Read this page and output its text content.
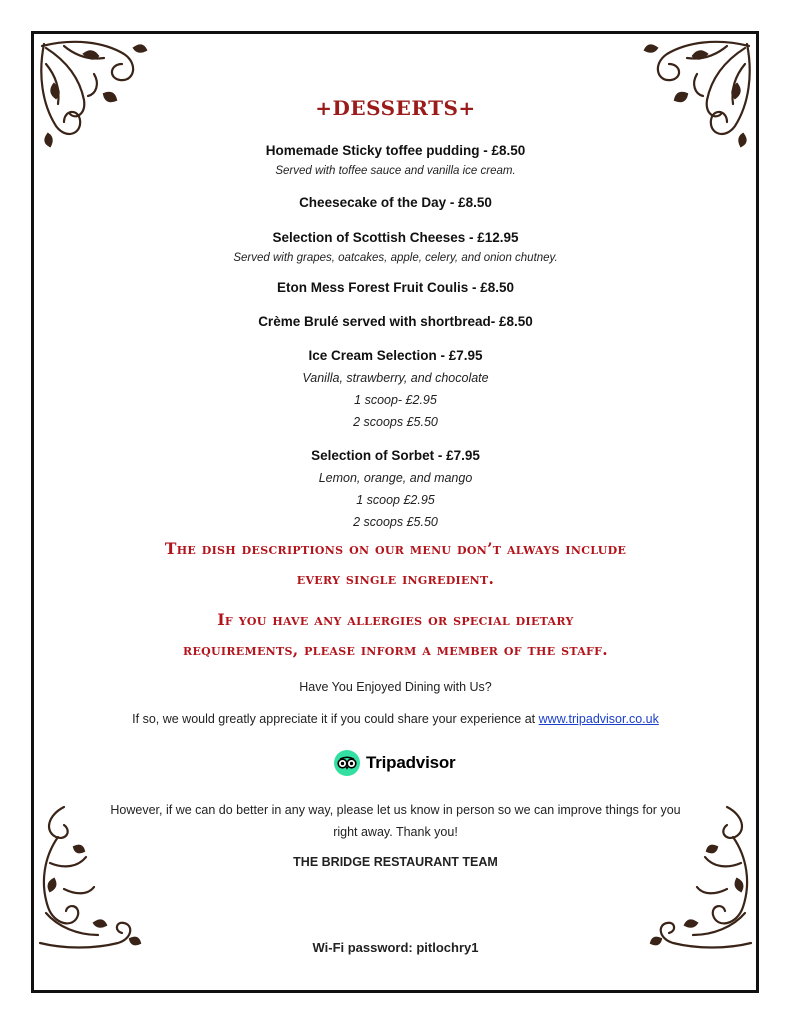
+DESSERTS+
Homemade Sticky toffee pudding - £8.50
Served with toffee sauce and vanilla ice cream.
Cheesecake of the Day - £8.50
Selection of Scottish Cheeses - £12.95
Served with grapes, oatcakes, apple, celery, and onion chutney.
Eton Mess Forest Fruit Coulis - £8.50
Crème Brulé served with shortbread- £8.50
Ice Cream Selection - £7.95
Vanilla, strawberry, and chocolate
1 scoop- £2.95
2 scoops £5.50
Selection of Sorbet - £7.95
Lemon, orange, and mango
1 scoop £2.95
2 scoops £5.50
The dish descriptions on our menu don’t always include
every single ingredient.
If you have any allergies or special dietary
requirements, please inform a member of the staff.
Have You Enjoyed Dining with Us?
If so, we would greatly appreciate it if you could share your experience at www.tripadvisor.co.uk
However, if we can do better in any way, please let us know in person so we can improve things for you
right away. Thank you!
THE BRIDGE RESTAURANT TEAM
Wi-Fi password: pitlochry1
Tripadvisor
